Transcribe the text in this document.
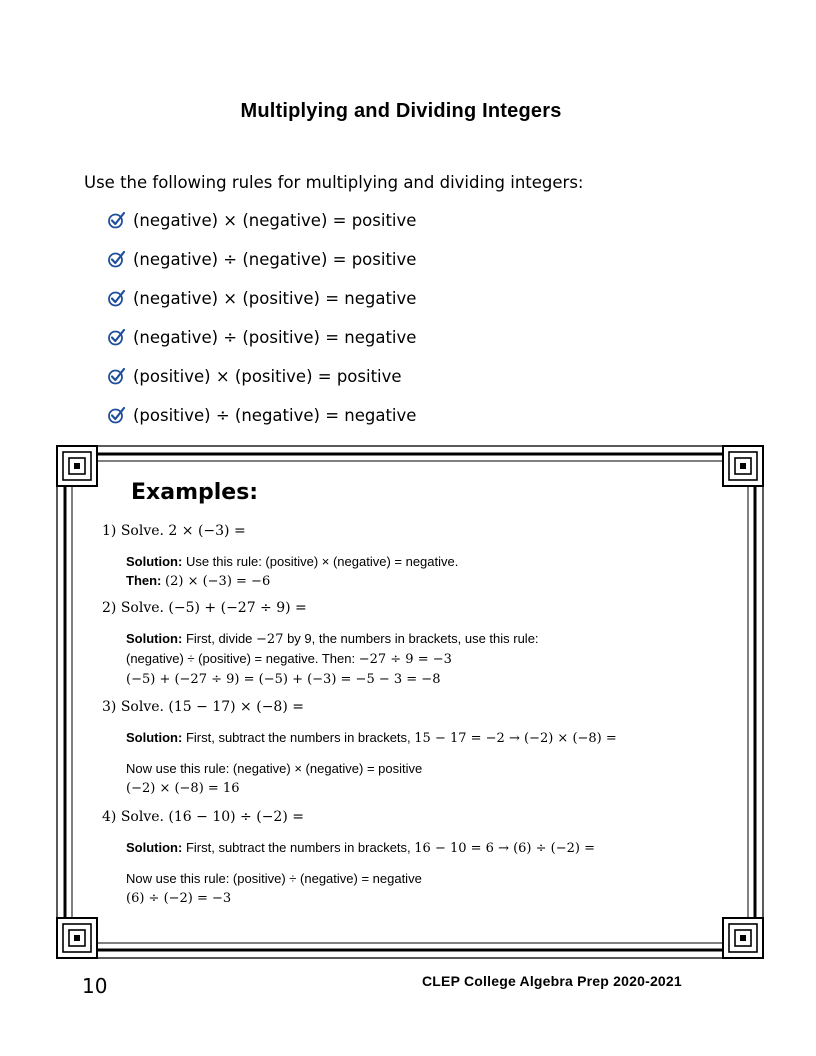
Multiplying and Dividing Integers
Use the following rules for multiplying and dividing integers:
(negative) × (negative) = positive
(negative) ÷ (negative) = positive
(negative) × (positive) = negative
(negative) ÷ (positive) = negative
(positive) × (positive) = positive
(positive) ÷ (negative) = negative
Examples:
1) Solve. 2 × (−3) =
Solution: Use this rule: (positive) × (negative) = negative.
Then: (2) × (−3) = −6
2) Solve. (−5) + (−27 ÷ 9) =
Solution: First, divide −27 by 9, the numbers in brackets, use this rule:
(negative) ÷ (positive) = negative. Then: −27 ÷ 9 = −3
(−5) + (−27 ÷ 9) = (−5) + (−3) = −5 − 3 = −8
3) Solve. (15 − 17) × (−8) =
Solution: First, subtract the numbers in brackets, 15 − 17 = −2 → (−2) × (−8) =
Now use this rule: (negative) × (negative) = positive
(−2) × (−8) = 16
4) Solve. (16 − 10) ÷ (−2) =
Solution: First, subtract the numbers in brackets, 16 − 10 = 6 → (6) ÷ (−2) =
Now use this rule: (positive) ÷ (negative) = negative
(6) ÷ (−2) = −3
10	CLEP College Algebra Prep 2020-2021
